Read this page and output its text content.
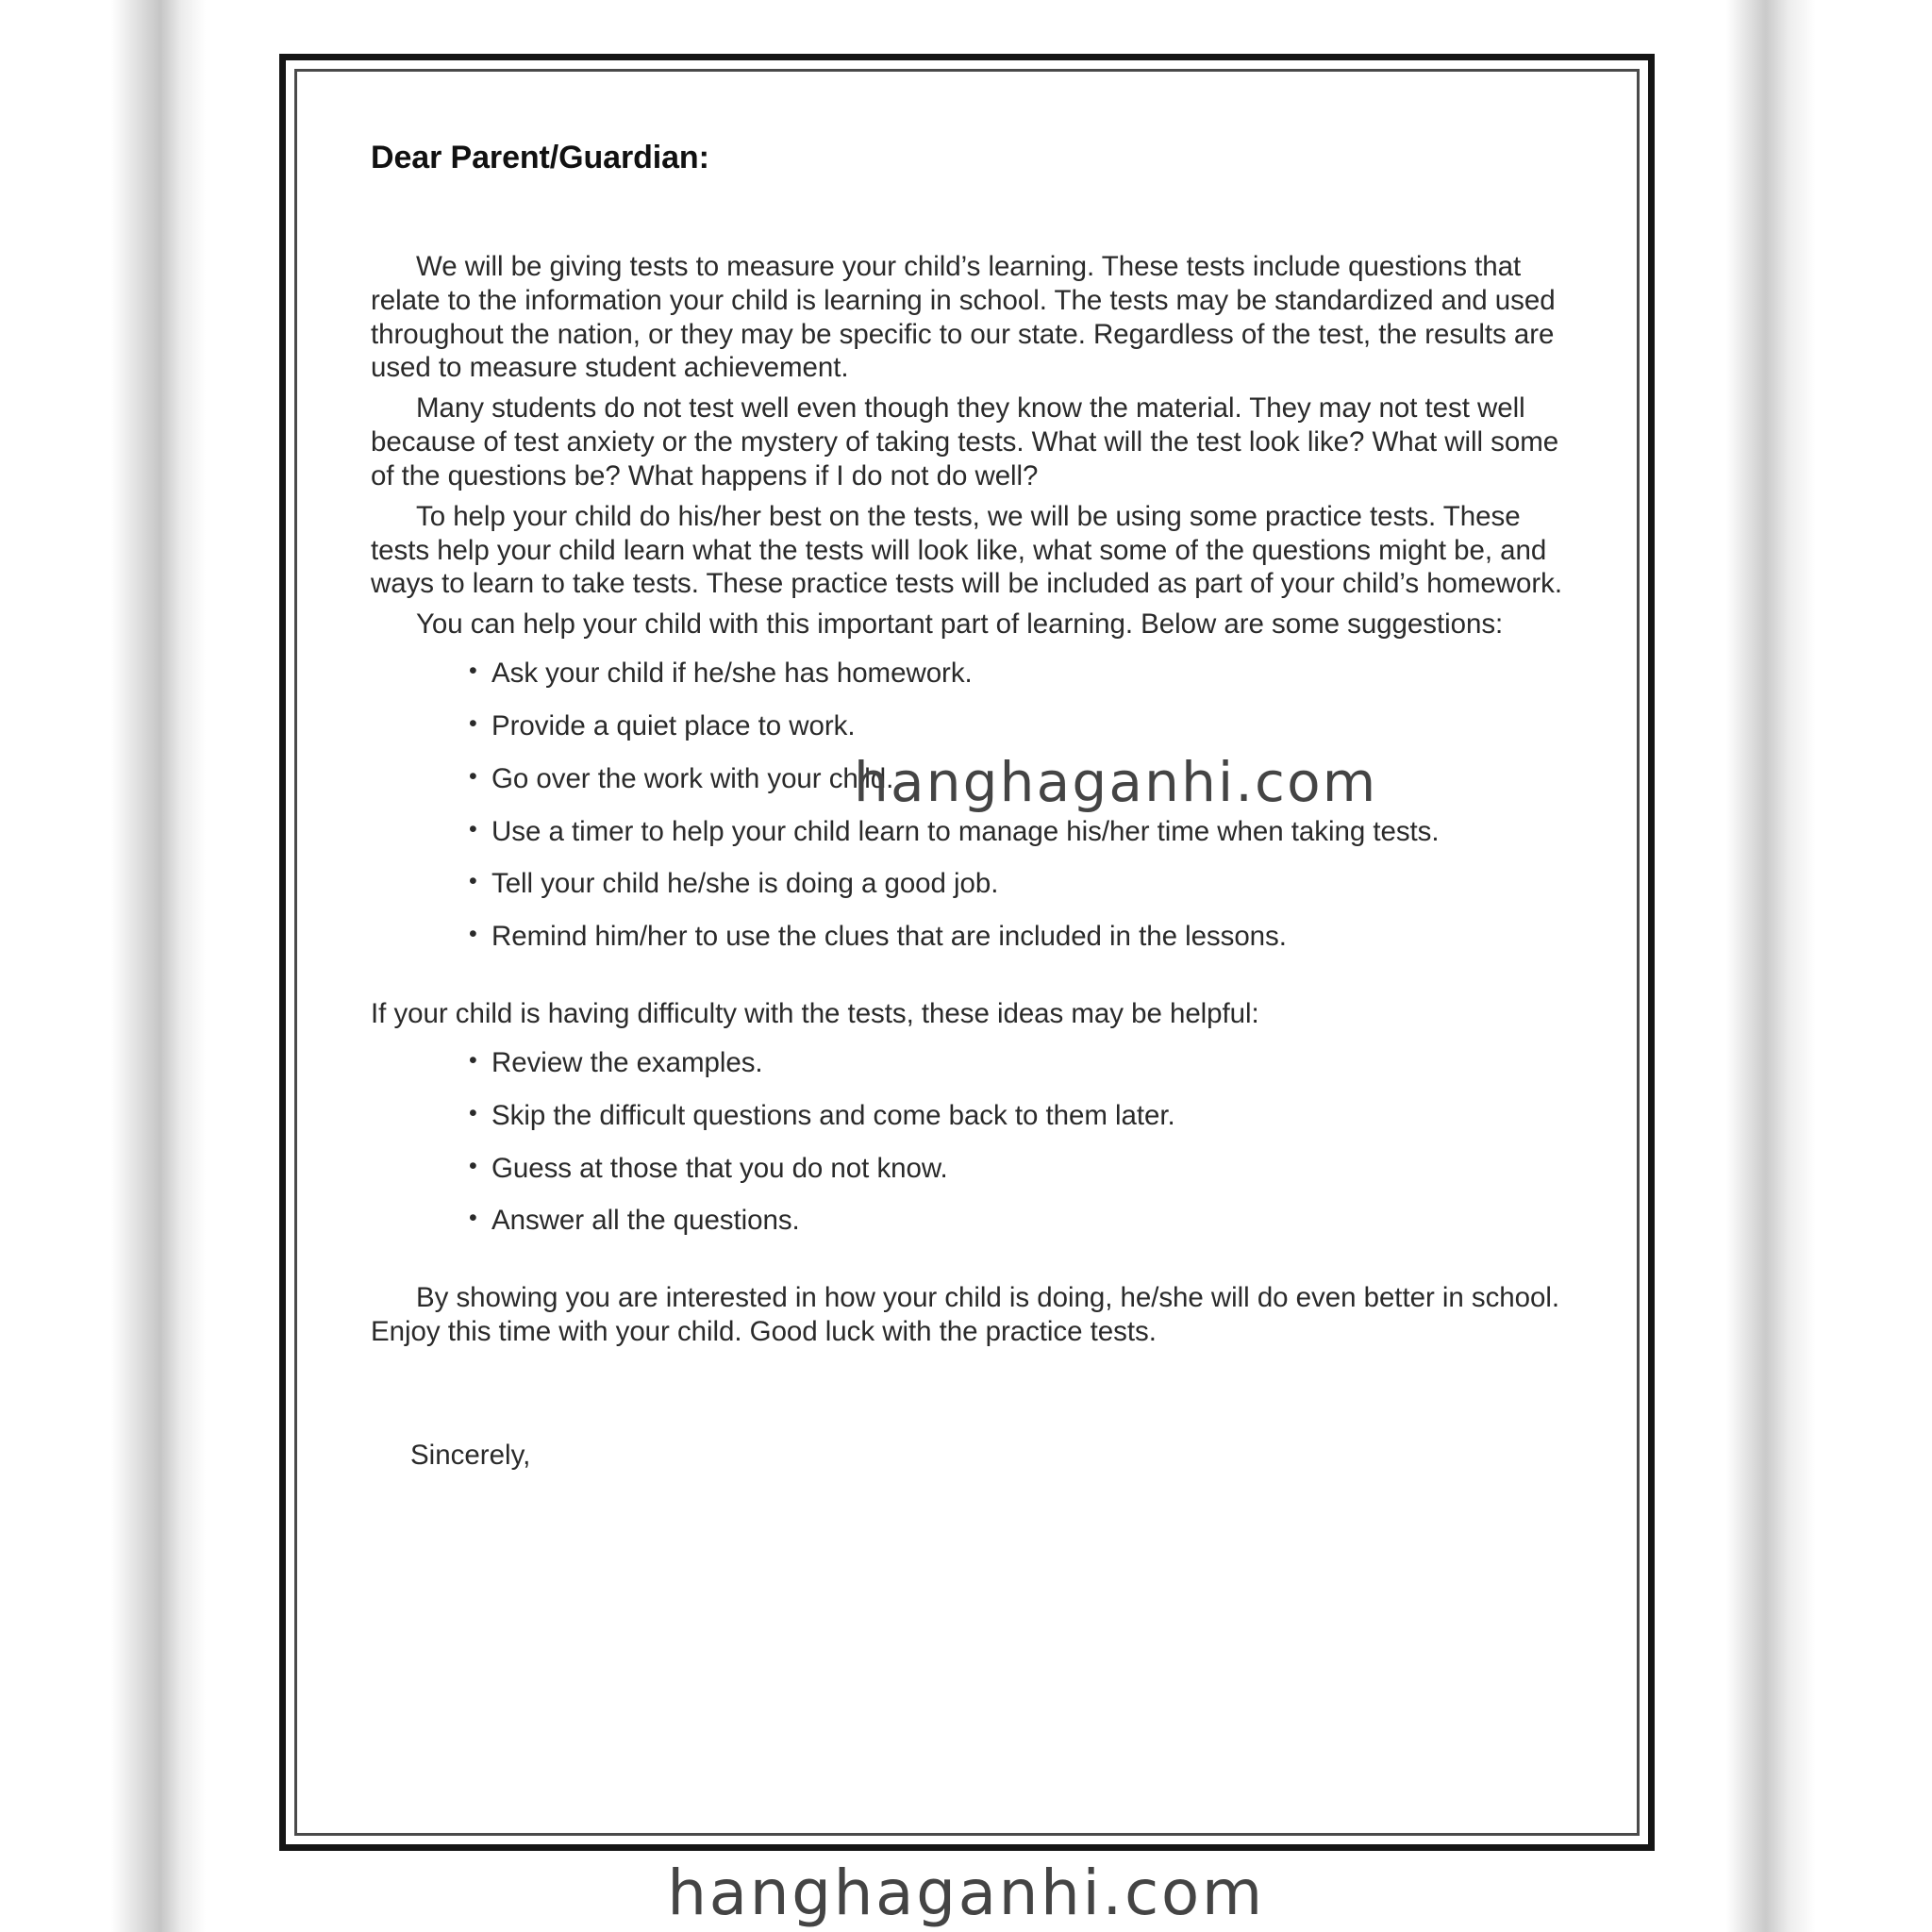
Dear Parent/Guardian:

We will be giving tests to measure your child’s learning. These tests include questions that relate to the information your child is learning in school. The tests may be standardized and used throughout the nation, or they may be specific to our state. Regardless of the test, the results are used to measure student achievement.

Many students do not test well even though they know the material. They may not test well because of test anxiety or the mystery of taking tests. What will the test look like? What will some of the questions be? What happens if I do not do well?

To help your child do his/her best on the tests, we will be using some practice tests. These tests help your child learn what the tests will look like, what some of the questions might be, and ways to learn to take tests. These practice tests will be included as part of your child’s homework.

You can help your child with this important part of learning. Below are some suggestions:

• Ask your child if he/she has homework.
• Provide a quiet place to work.
• Go over the work with your child.
• Use a timer to help your child learn to manage his/her time when taking tests.
• Tell your child he/she is doing a good job.
• Remind him/her to use the clues that are included in the lessons.

If your child is having difficulty with the tests, these ideas may be helpful:

• Review the examples.
• Skip the difficult questions and come back to them later.
• Guess at those that you do not know.
• Answer all the questions.

By showing you are interested in how your child is doing, he/she will do even better in school. Enjoy this time with your child. Good luck with the practice tests.

Sincerely,

hanghaganhi.com
hanghaganhi.com
